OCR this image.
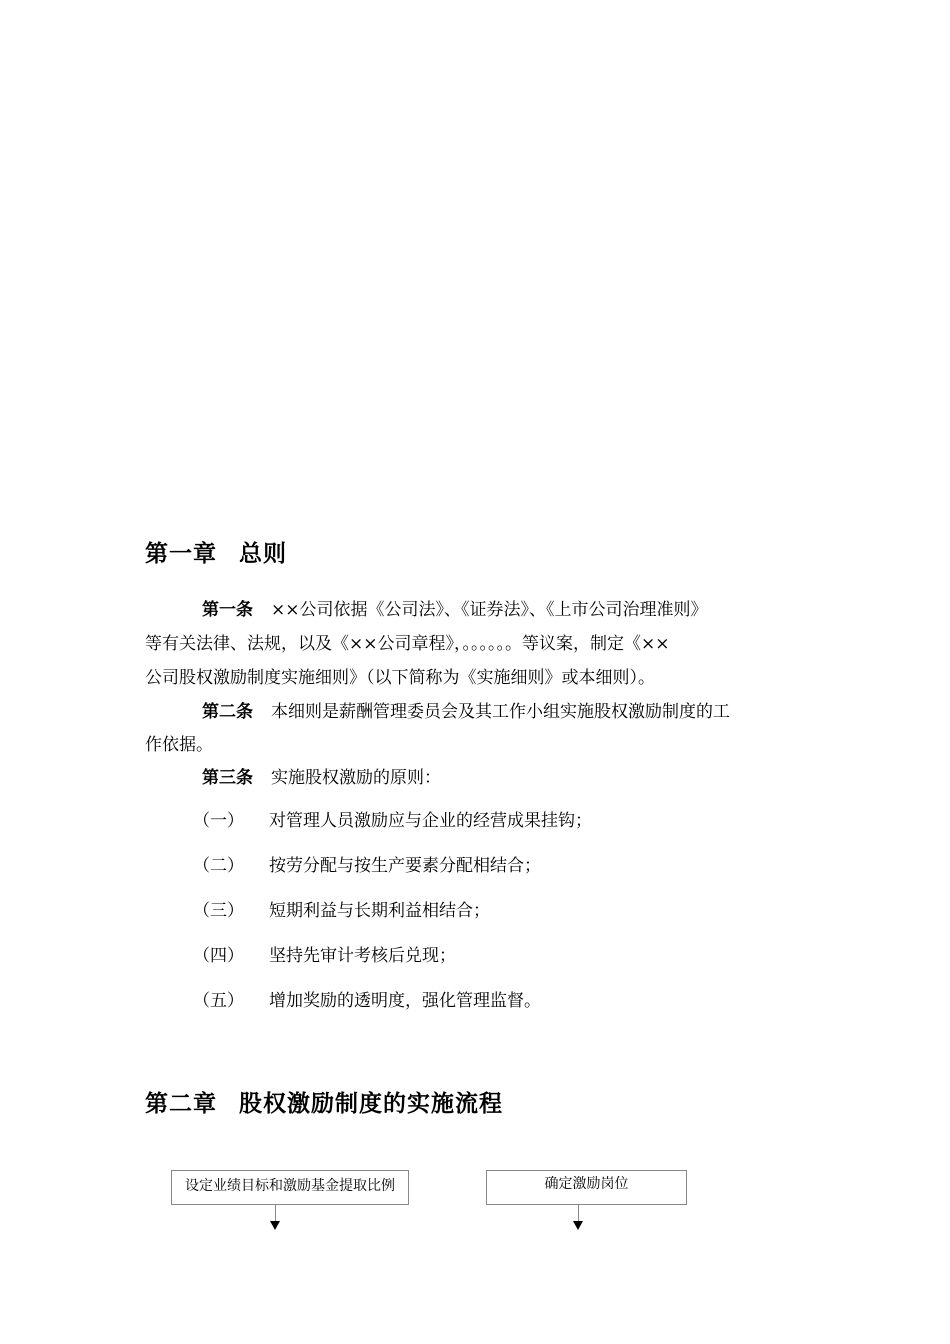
第一章 总则
第一条 ××公司依据《公司法》、《证券法》、《上市公司治理准则》
等有关法律、法规，以及《××公司章程》，。。。。。。等议案，制定《××
公司股权激励制度实施细则》（以下简称为《实施细则》或本细则）。
第二条 本细则是薪酬管理委员会及其工作小组实施股权激励制度的工
作依据。
第三条 实施股权激励的原则：
（一） 对管理人员激励应与企业的经营成果挂钩；
（二） 按劳分配与按生产要素分配相结合；
（三） 短期利益与长期利益相结合；
（四） 坚持先审计考核后兑现；
（五） 增加奖励的透明度，强化管理监督。
第二章 股权激励制度的实施流程
设定业绩目标和激励基金提取比例	确定激励岗位
